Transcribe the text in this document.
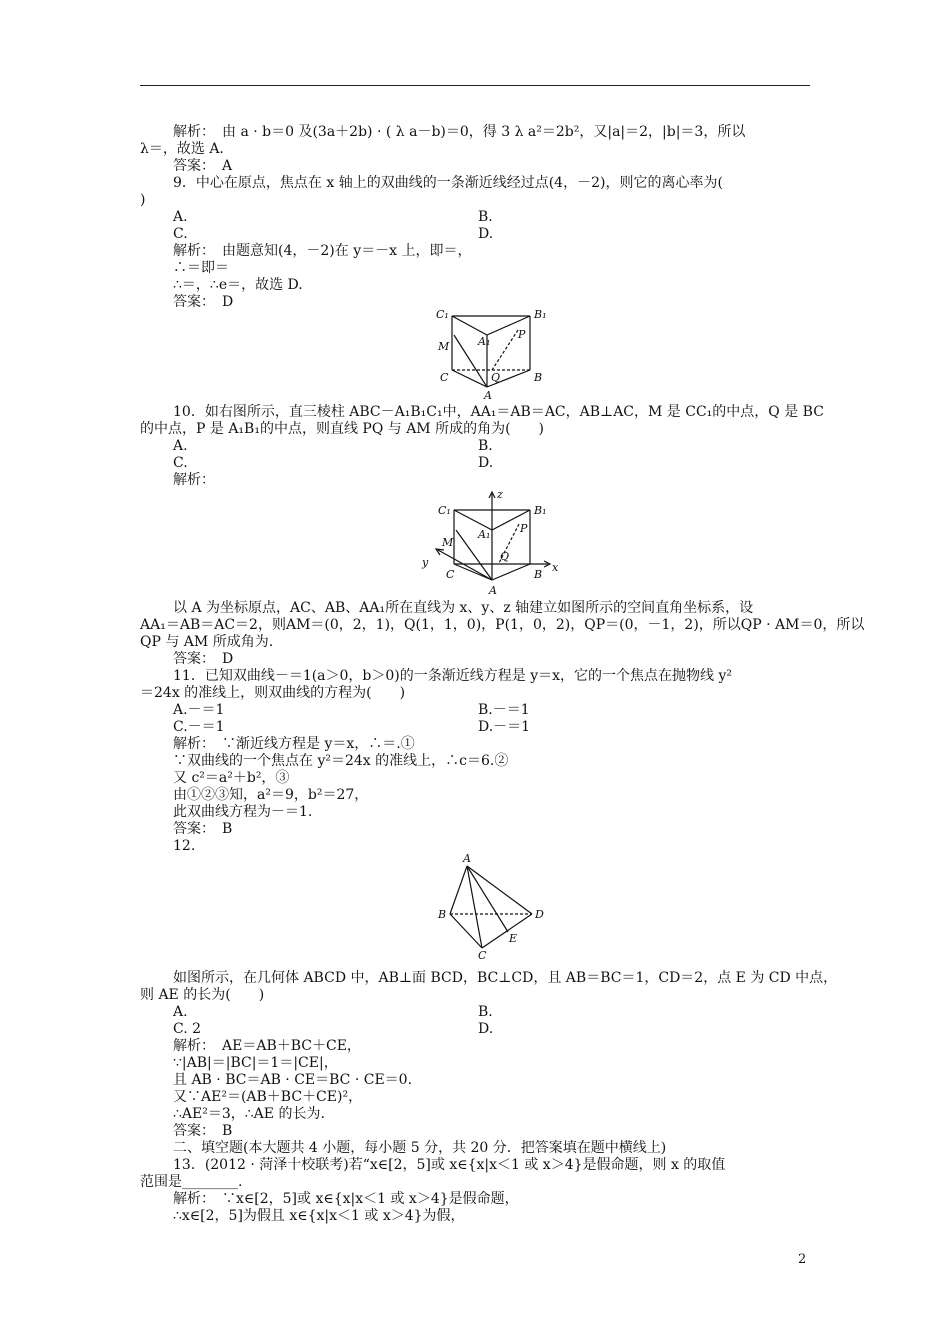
解析：　由 a · b＝0 及(3a＋2b) · ( λ a－b)＝0，得 3 λ a²＝2b²，又|a|＝2，|b|＝3，所以
λ＝，故选 A.
答案：　A
9．中心在原点，焦点在 x 轴上的双曲线的一条渐近线经过点(4，－2)，则它的离心率为(
)
A.	B.
C.	D.
解析：　由题意知(4，－2)在 y＝－x 上，即＝，
∴＝即＝
∴＝，∴e＝，故选 D.
答案：　D
C₁	B₁
A₁
P
M
C	Q	B
A
10．如右图所示，直三棱柱 ABC－A₁B₁C₁中，AA₁＝AB＝AC，AB⊥AC，M 是 CC₁的中点，Q 是 BC
的中点，P 是 A₁B₁的中点，则直线 PQ 与 AM 所成的角为(　　)
A.	B.
C.	D.
解析：
z
C₁	B₁
A₁	P
M
Q
y
C	B
x
A
以 A 为坐标原点，AC、AB、AA₁所在直线为 x、y、z 轴建立如图所示的空间直角坐标系，设
AA₁＝AB＝AC＝2，则AM＝(0，2，1)，Q(1，1，0)，P(1，0，2)，QP＝(0，－1，2)，所以QP · AM＝0，所以
QP 与 AM 所成角为.
答案：　D
11．已知双曲线－＝1(a＞0，b＞0)的一条渐近线方程是 y＝x，它的一个焦点在抛物线 y²
＝24x 的准线上，则双曲线的方程为(　　)
A.－＝1	B.－＝1
C.－＝1	D.－＝1
解析：　∵渐近线方程是 y＝x，∴＝.①
∵双曲线的一个焦点在 y²＝24x 的准线上，∴c＝6.②
又 c²＝a²＋b²，③
由①②③知，a²＝9，b²＝27，
此双曲线方程为－＝1.
答案：　B
12.
A
B	D
E
C
如图所示，在几何体 ABCD 中，AB⊥面 BCD，BC⊥CD，且 AB＝BC＝1，CD＝2，点 E 为 CD 中点，
则 AE 的长为(　　)
A.	B.
C. 2	D.
解析：　AE＝AB＋BC＋CE，
∵|AB|＝|BC|＝1＝|CE|，
且 AB · BC＝AB · CE＝BC · CE＝0.
又∵AE²＝(AB＋BC＋CE)²，
∴AE²＝3，∴AE 的长为.
答案：　B
二、填空题(本大题共 4 小题，每小题 5 分，共 20 分．把答案填在题中横线上)
13．(2012 · 菏泽十校联考)若“x∈[2，5]或 x∈{x|x＜1 或 x＞4}是假命题，则 x 的取值
范围是________.
解析：　∵x∈[2，5]或 x∈{x|x＜1 或 x＞4}是假命题，
∴x∈[2，5]为假且 x∈{x|x＜1 或 x＞4}为假，
2
